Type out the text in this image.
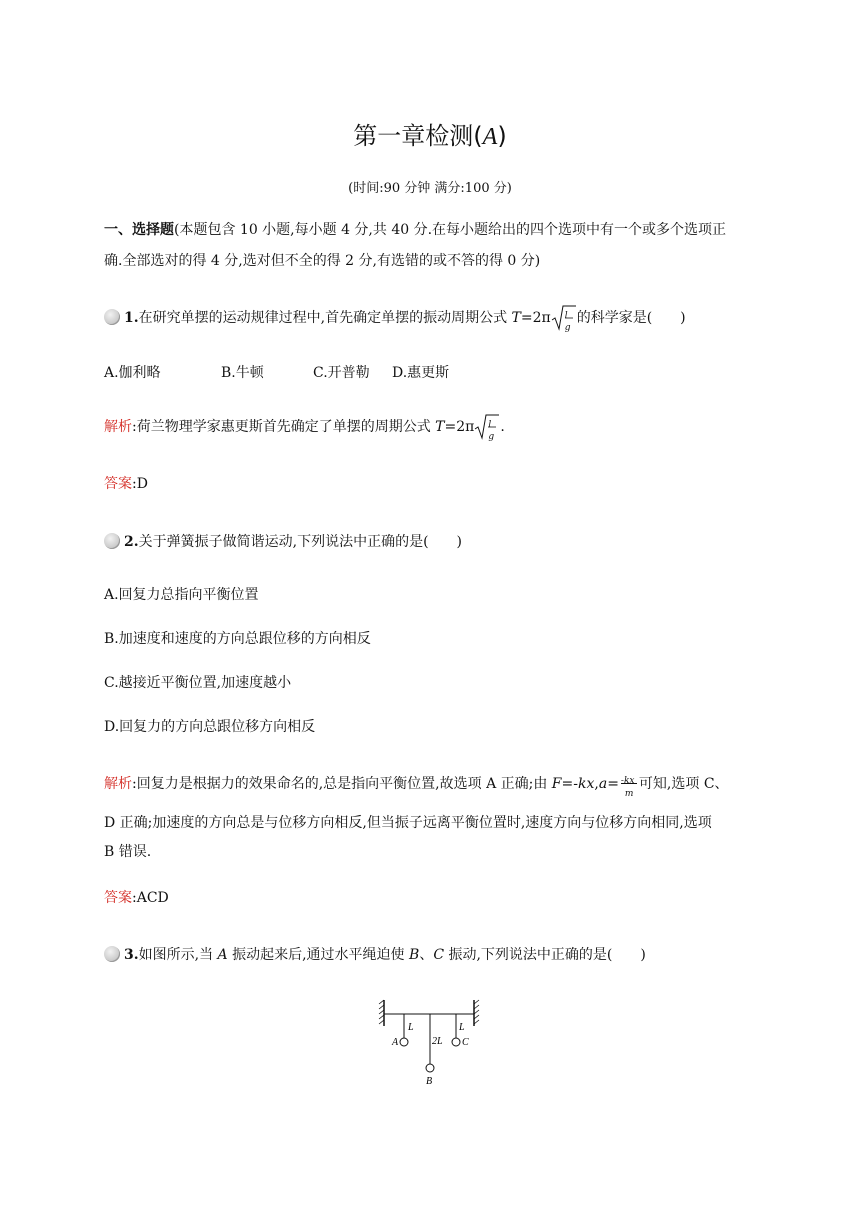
第一章检测(A)
(时间:90 分钟 满分:100 分)
一、选择题(本题包含 10 小题,每小题 4 分,共 40 分.在每小题给出的四个选项中有一个或多个选项正
确.全部选对的得 4 分,选对但不全的得 2 分,有选错的或不答的得 0 分)
1.在研究单摆的运动规律过程中,首先确定单摆的振动周期公式 T=2π l
g
的科学家是(　　)
A.伽利略	B.牛顿	C.开普勒 D.惠更斯
解析:荷兰物理学家惠更斯首先确定了单摆的周期公式 T=2π l
g
.
答案:D
2.关于弹簧振子做简谐运动,下列说法中正确的是(　　)
A.回复力总指向平衡位置
B.加速度和速度的方向总跟位移的方向相反
C.越接近平衡位置,加速度越小
D.回复力的方向总跟位移方向相反
解析:回复力是根据力的效果命名的,总是指向平衡位置,故选项 A 正确;由 F=-kx,a= -kx
m
可知,选项 C、
D 正确;加速度的方向总是与位移方向相反,但当振子远离平衡位置时,速度方向与位移方向相同,选项
B 错误.
答案:ACD
3.如图所示,当 A 振动起来后,通过水平绳迫使 B、C 振动,下列说法中正确的是(　　)
L	L
2L
A
B
C
